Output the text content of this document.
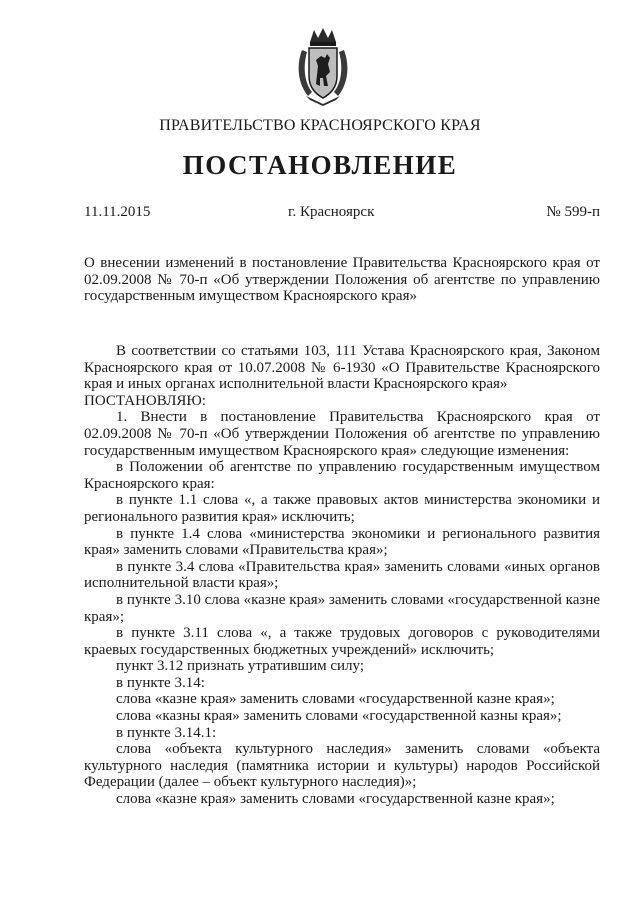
ПРАВИТЕЛЬСТВО КРАСНОЯРСКОГО КРАЯ
ПОСТАНОВЛЕНИЕ
11.11.2015	г. Красноярск	№ 599-п
О внесении изменений в постановление Правительства Красноярского края от 02.09.2008 № 70-п «Об утверждении Положения об агентстве по управлению государственным имуществом Красноярского края»

В соответствии со статьями 103, 111 Устава Красноярского края, Законом Красноярского края от 10.07.2008 № 6-1930 «О Правительстве Красноярского края и иных органах исполнительной власти Красноярского края»

ПОСТАНОВЛЯЮ:

1. Внести в постановление Правительства Красноярского края от 02.09.2008 № 70-п «Об утверждении Положения об агентстве по управлению государственным имуществом Красноярского края» следующие изменения:

в Положении об агентстве по управлению государственным имуществом Красноярского края:

в пункте 1.1 слова «, а также правовых актов министерства экономики и регионального развития края» исключить;

в пункте 1.4 слова «министерства экономики и регионального развития края» заменить словами «Правительства края»;

в пункте 3.4 слова «Правительства края» заменить словами «иных органов исполнительной власти края»;

в пункте 3.10 слова «казне края» заменить словами «государственной казне края»;

в пункте 3.11 слова «, а также трудовых договоров с руководителями краевых государственных бюджетных учреждений» исключить;

пункт 3.12 признать утратившим силу;

в пункте 3.14:

слова «казне края» заменить словами «государственной казне края»;

слова «казны края» заменить словами «государственной казны края»;

в пункте 3.14.1:

слова «объекта культурного наследия» заменить словами «объекта культурного наследия (памятника истории и культуры) народов Российской Федерации (далее – объект культурного наследия)»;

слова «казне края» заменить словами «государственной казне края»;
